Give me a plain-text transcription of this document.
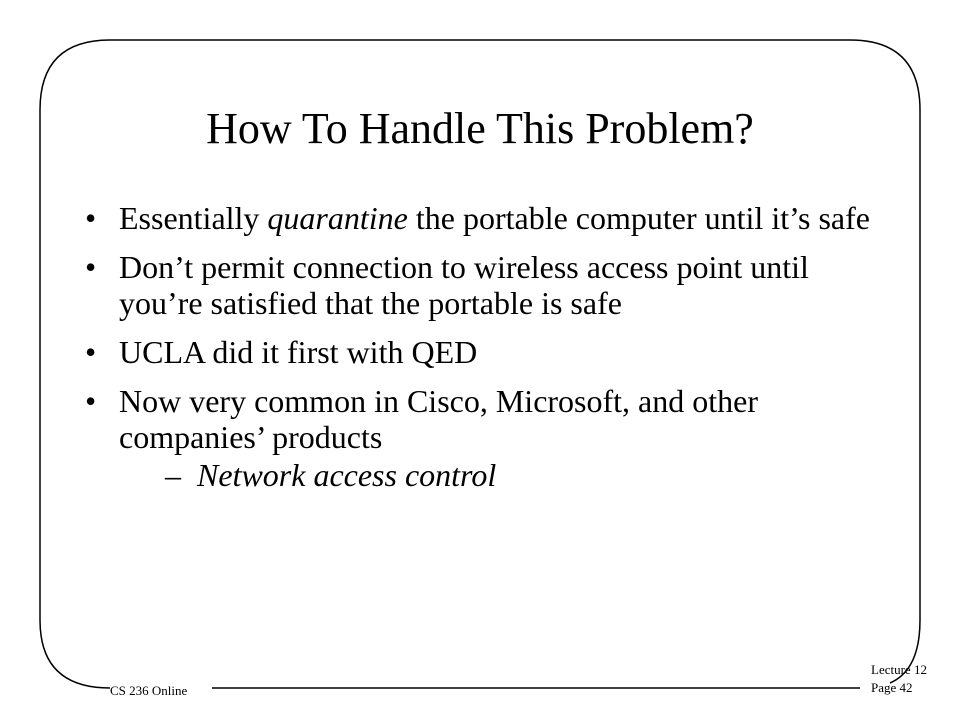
How To Handle This Problem?
• Essentially quarantine the portable computer until it’s safe
• Don’t permit connection to wireless access point until you’re satisfied that the portable is safe
• UCLA did it first with QED
• Now very common in Cisco, Microsoft, and other companies’ products
– Network access control
CS 236 Online
Lecture 12
Page 42
